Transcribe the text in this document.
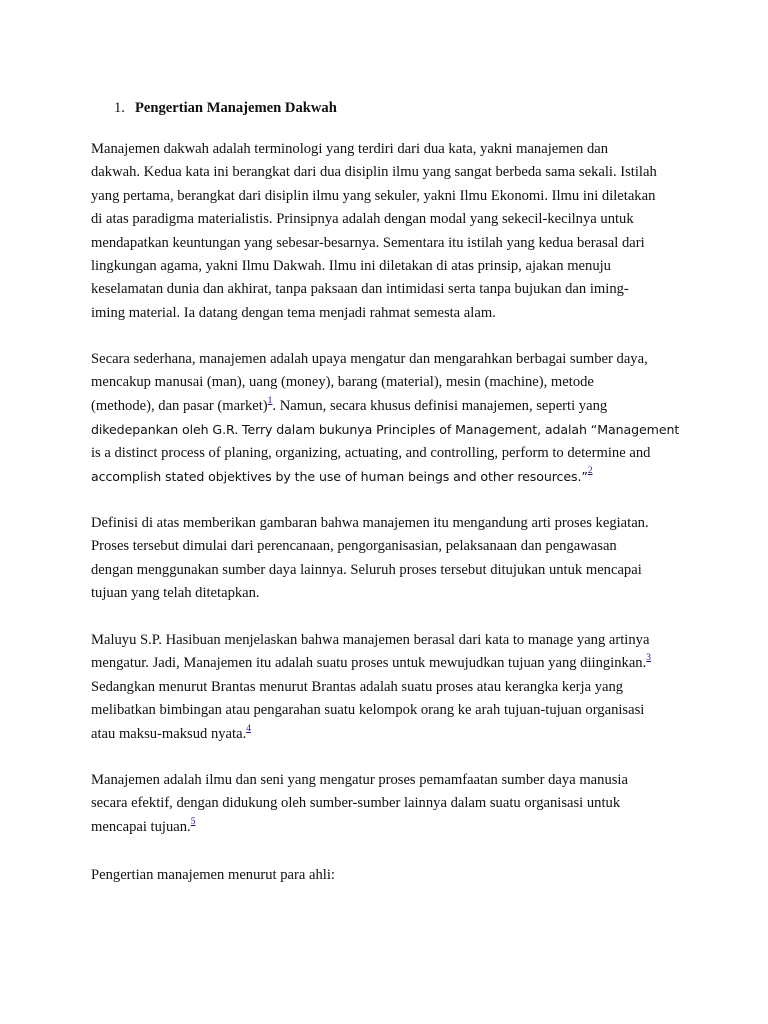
1. Pengertian Manajemen Dakwah
Manajemen dakwah adalah terminologi yang terdiri dari dua kata, yakni manajemen dan
dakwah. Kedua kata ini berangkat dari dua disiplin ilmu yang sangat berbeda sama sekali. Istilah
yang pertama, berangkat dari disiplin ilmu yang sekuler, yakni Ilmu Ekonomi. Ilmu ini diletakan
di atas paradigma materialistis. Prinsipnya adalah dengan modal yang sekecil-kecilnya untuk
mendapatkan keuntungan yang sebesar-besarnya. Sementara itu istilah yang kedua berasal dari
lingkungan agama, yakni Ilmu Dakwah. Ilmu ini diletakan di atas prinsip, ajakan menuju
keselamatan dunia dan akhirat, tanpa paksaan dan intimidasi serta tanpa bujukan dan iming-
iming material. Ia datang dengan tema menjadi rahmat semesta alam.
Secara sederhana, manajemen adalah upaya mengatur dan mengarahkan berbagai sumber daya,
mencakup manusai (man), uang (money), barang (material), mesin (machine), metode
(methode), dan pasar (market)$^1$. Namun, secara khusus definisi manajemen, seperti yang
dikedepankan oleh G.R. Terry dalam bukunya Principles of Management, adalah “Management
is a distinct process of planing, organizing, actuating, and controlling, perform to determine and
accomplish stated objektives by the use of human beings and other resources.”$^2$
Definisi di atas memberikan gambaran bahwa manajemen itu mengandung arti proses kegiatan.
Proses tersebut dimulai dari perencanaan, pengorganisasian, pelaksanaan dan pengawasan
dengan menggunakan sumber daya lainnya. Seluruh proses tersebut ditujukan untuk mencapai
tujuan yang telah ditetapkan.
Maluyu S.P. Hasibuan menjelaskan bahwa manajemen berasal dari kata to manage yang artinya
mengatur. Jadi, Manajemen itu adalah suatu proses untuk mewujudkan tujuan yang diinginkan.$^3$
Sedangkan menurut Brantas menurut Brantas adalah suatu proses atau kerangka kerja yang
melibatkan bimbingan atau pengarahan suatu kelompok orang ke arah tujuan-tujuan organisasi
atau maksu-maksud nyata.$^4$
Manajemen adalah ilmu dan seni yang mengatur proses pemamfaatan sumber daya manusia
secara efektif, dengan didukung oleh sumber-sumber lainnya dalam suatu organisasi untuk
mencapai tujuan.$^5$
Pengertian manajemen menurut para ahli:
